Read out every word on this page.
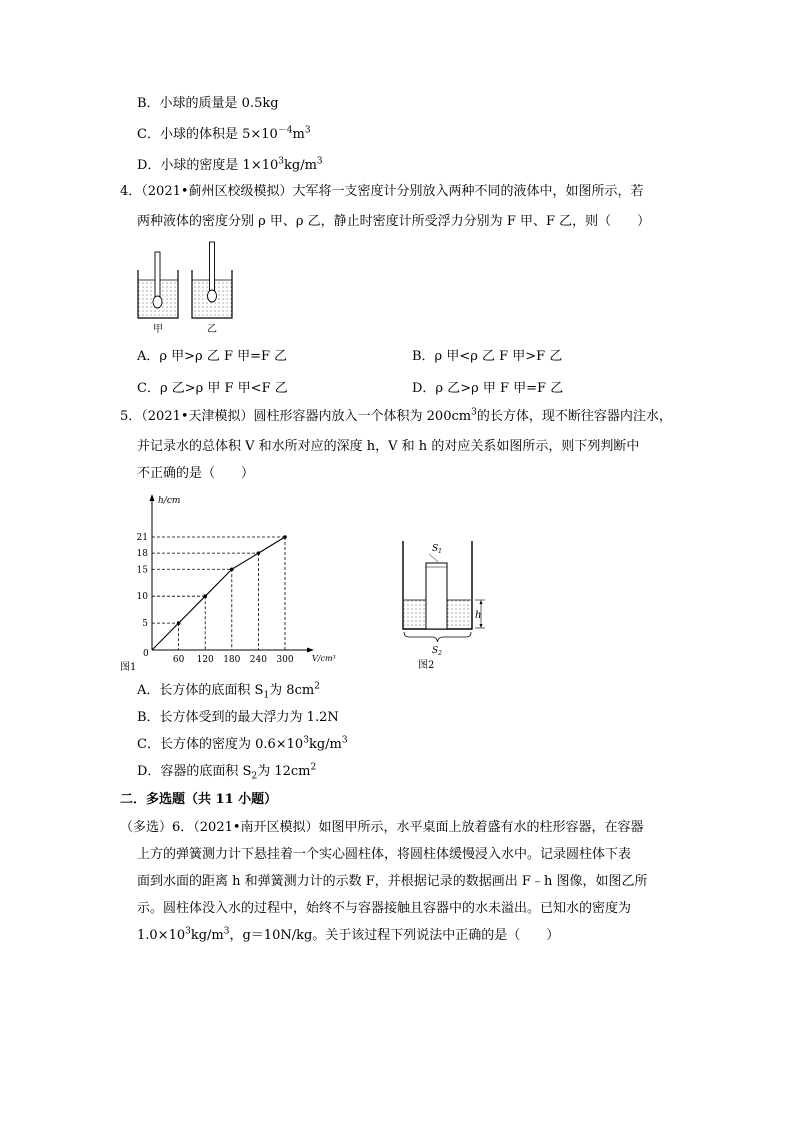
B．小球的质量是 0.5kg
C．小球的体积是 $5\times 10^{-4}m^3$
D．小球的密度是 $1\times 10^3kg/m^3$
4．（2021•蓟州区校级模拟）大军将一支密度计分别放入两种不同的液体中，如图所示，若
两种液体的密度分别 ρ 甲、ρ 乙，静止时密度计所受浮力分别为 F 甲、F 乙，则（　　）
甲	乙
A．ρ 甲>ρ 乙 F 甲=F 乙	B．ρ 甲<ρ 乙 F 甲>F 乙
C．ρ 乙>ρ 甲 F 甲<F 乙	D．ρ 乙>ρ 甲 F 甲=F 乙
5．（2021•天津模拟）圆柱形容器内放入一个体积为 $200cm^3$的长方体，现不断往容器内注水，
并记录水的总体积 V 和水所对应的深度 h，V 和 h 的对应关系如图所示，则下列判断中
不正确的是（　　）
h/cm
V/cm³
0
图1
60 120 180 240 300
5
10
15
18
21
$S_1$
h
$S_2$
图2
A．长方体的底面积 $S_1$为 $8cm^2$
B．长方体受到的最大浮力为 1.2N
C．长方体的密度为 $0.6\times 10^3kg/m^3$
D．容器的底面积 $S_2$为 $12cm^2$
二．多选题（共 11 小题）
（多选）6．（2021•南开区模拟）如图甲所示，水平桌面上放着盛有水的柱形容器，在容器
上方的弹簧测力计下悬挂着一个实心圆柱体，将圆柱体缓慢浸入水中。记录圆柱体下表
面到水面的距离 h 和弹簧测力计的示数 F，并根据记录的数据画出 F﹣h 图像，如图乙所
示。圆柱体没入水的过程中，始终不与容器接触且容器中的水未溢出。已知水的密度为
$1.0\times 10^3kg/m^3$，g＝10N/kg。关于该过程下列说法中正确的是（　　）
